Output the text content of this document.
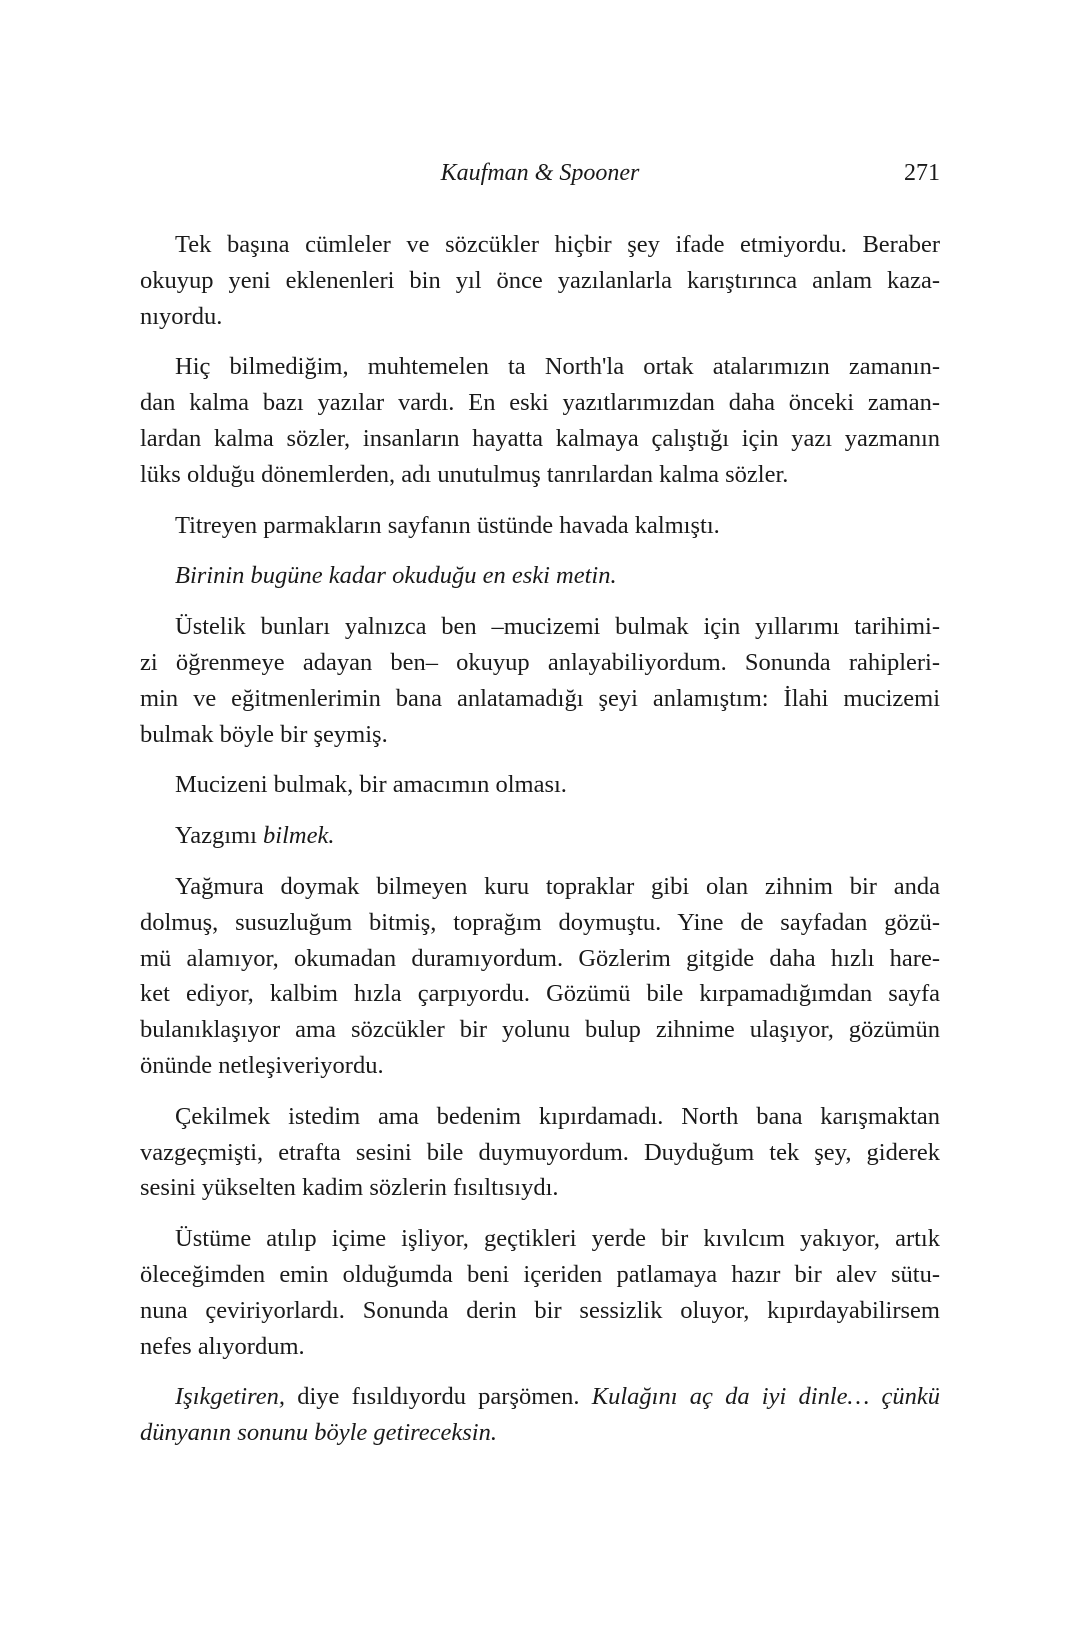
Kaufman & Spooner	271
Tek başına cümleler ve sözcükler hiçbir şey ifade etmiyordu. Beraber
okuyup yeni eklenenleri bin yıl önce yazılanlarla karıştırınca anlam kaza-
nıyordu.
Hiç bilmediğim, muhtemelen ta North'la ortak atalarımızın zamanın-
dan kalma bazı yazılar vardı. En eski yazıtlarımızdan daha önceki zaman-
lardan kalma sözler, insanların hayatta kalmaya çalıştığı için yazı yazmanın
lüks olduğu dönemlerden, adı unutulmuş tanrılardan kalma sözler.
Titreyen parmakların sayfanın üstünde havada kalmıştı.
Birinin bugüne kadar okuduğu en eski metin.
Üstelik bunları yalnızca ben –mucizemi bulmak için yıllarımı tarihimi-
zi öğrenmeye adayan ben– okuyup anlayabiliyordum. Sonunda rahipleri-
min ve eğitmenlerimin bana anlatamadığı şeyi anlamıştım: İlahi mucizemi
bulmak böyle bir şeymiş.
Mucizeni bulmak, bir amacımın olması.
Yazgımı bilmek.
Yağmura doymak bilmeyen kuru topraklar gibi olan zihnim bir anda
dolmuş, susuzluğum bitmiş, toprağım doymuştu. Yine de sayfadan gözü-
mü alamıyor, okumadan duramıyordum. Gözlerim gitgide daha hızlı hare-
ket ediyor, kalbim hızla çarpıyordu. Gözümü bile kırpamadığımdan sayfa
bulanıklaşıyor ama sözcükler bir yolunu bulup zihnime ulaşıyor, gözümün
önünde netleşiveriyordu.
Çekilmek istedim ama bedenim kıpırdamadı. North bana karışmaktan
vazgeçmişti, etrafta sesini bile duymuyordum. Duyduğum tek şey, giderek
sesini yükselten kadim sözlerin fısıltısıydı.
Üstüme atılıp içime işliyor, geçtikleri yerde bir kıvılcım yakıyor, artık
öleceğimden emin olduğumda beni içeriden patlamaya hazır bir alev sütu-
nuna çeviriyorlardı. Sonunda derin bir sessizlik oluyor, kıpırdayabilirsem
nefes alıyordum.
Işıkgetiren, diye fısıldıyordu parşömen. Kulağını aç da iyi dinle… çünkü
dünyanın sonunu böyle getireceksin.
